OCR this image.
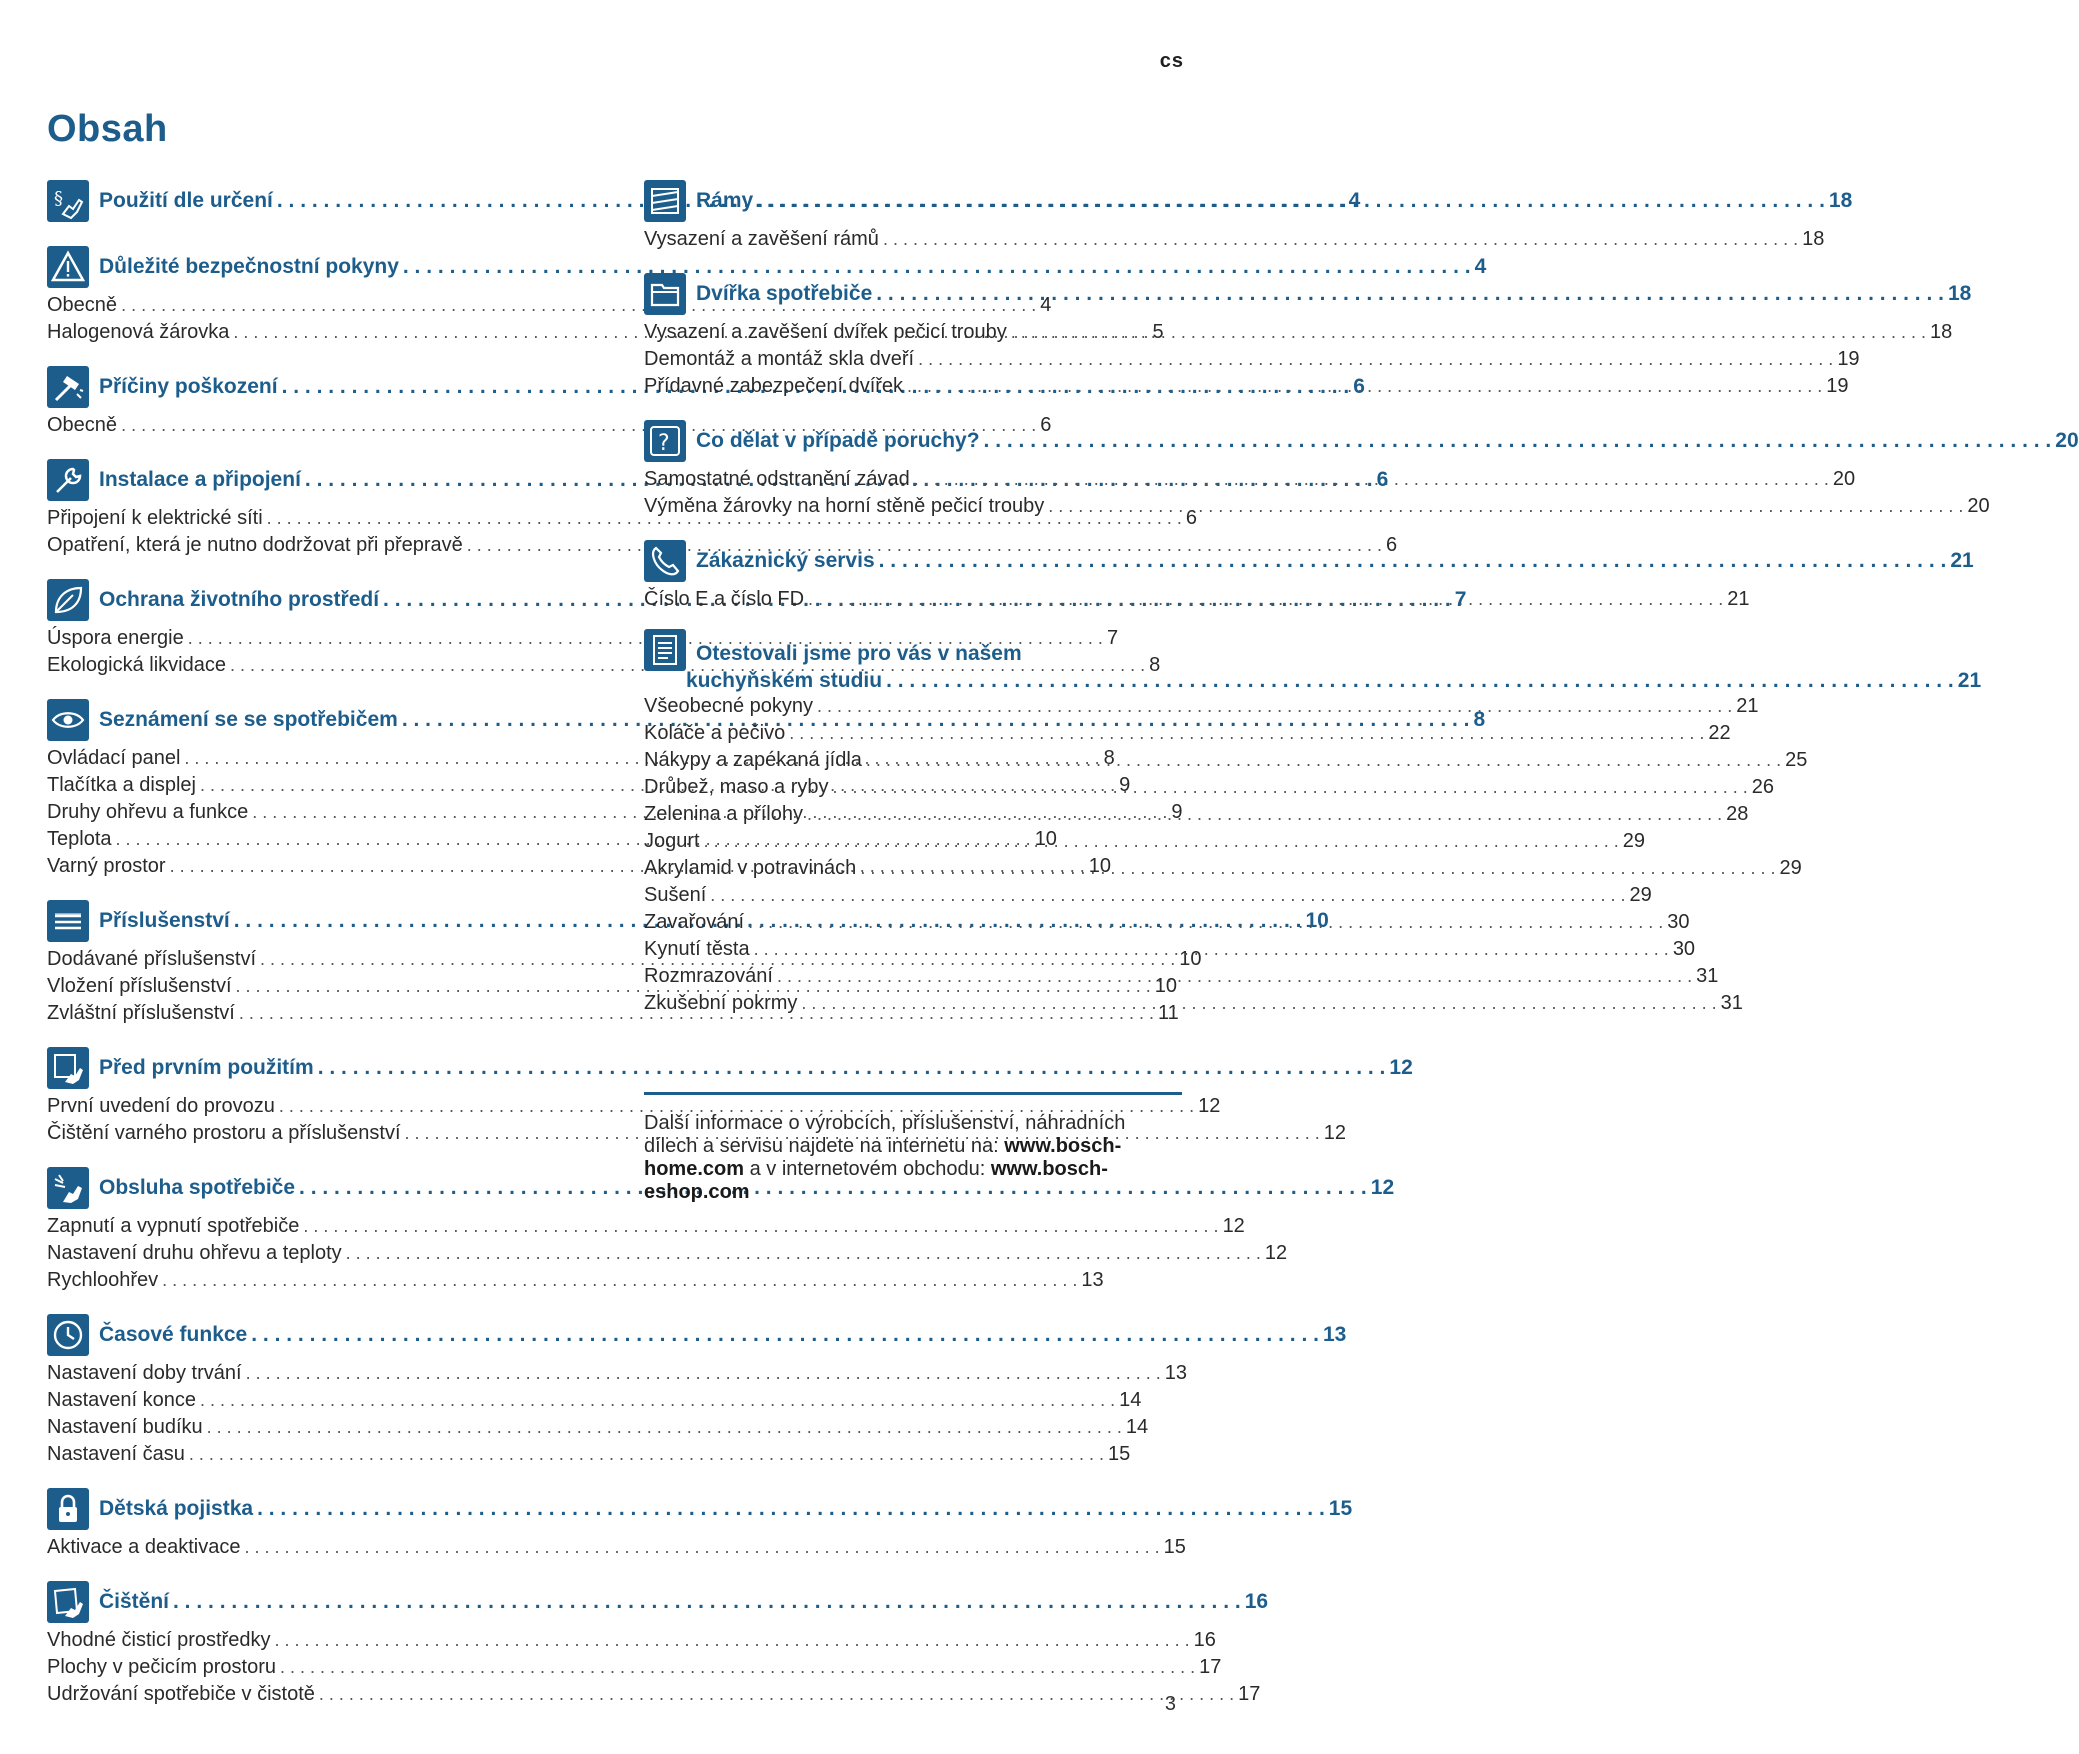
cs
Obsah
§ Použití dle určení . . .	4
Důležité bezpečnostní pokyny . . .	4
Obecně . . .	4
Halogenová žárovka . . .	5
Příčiny poškození . . .	6
Obecně . . .	6
Instalace a připojení . . .	6
Připojení k elektrické síti . . .	6
Opatření, která je nutno dodržovat při přepravě . . .	6
Ochrana životního prostředí . . .	7
Úspora energie . . .	7
Ekologická likvidace . . .	8
Seznámení se se spotřebičem . . .	8
Ovládací panel . . .	8
Tlačítka a displej . . .	9
Druhy ohřevu a funkce . . .	9
Teplota . . .	10
Varný prostor . . .	10
Příslušenství . . .	10
Dodávané příslušenství . . .	10
Vložení příslušenství . . .	10
Zvláštní příslušenství . . .	11
Před prvním použitím . . .	12
První uvedení do provozu . . .	12
Čištění varného prostoru a příslušenství . . .	12
Obsluha spotřebiče . . .	12
Zapnutí a vypnutí spotřebiče . . .	12
Nastavení druhu ohřevu a teploty . . .	12
Rychloohřev . . .	13
Časové funkce . . .	13
Nastavení doby trvání . . .	13
Nastavení konce . . .	14
Nastavení budíku . . .	14
Nastavení času . . .	15
Dětská pojistka . . .	15
Aktivace a deaktivace . . .	15
Čištění . . .	16
Vhodné čisticí prostředky . . .	16
Plochy v pečicím prostoru . . .	17
Udržování spotřebiče v čistotě . . .	17
Rámy . . .	18
Vysazení a zavěšení rámů . . .	18
Dvířka spotřebiče . . .	18
Vysazení a zavěšení dvířek pečicí trouby . . .	18
Demontáž a montáž skla dveří . . .	19
Přídavné zabezpečení dvířek . . .	19
? Co dělat v případě poruchy? . . .	20
Samostatné odstranění závad . . .	20
Výměna žárovky na horní stěně pečicí trouby . . .	20
Zákaznický servis . . .	21
Číslo E a číslo FD . . .	21
Otestovali jsme pro vás v našem
kuchyňském studiu . . .	21
Všeobecné pokyny . . .	21
Koláče a pečivo . . .	22
Nákypy a zapékaná jídla . . .	25
Drůbež, maso a ryby . . .	26
Zelenina a přílohy . . .	28
Jogurt . . .	29
Akrylamid v potravinách . . .	29
Sušení . . .	29
Zavařování . . .	30
Kynutí těsta . . .	30
Rozmrazování . . .	31
Zkušební pokrmy . . .	31

Další informace o výrobcích, příslušenství, náhradních dílech a servisu najdete na internetu na: www.bosch-home.com a v internetovém obchodu: www.bosch-eshop.com

3
